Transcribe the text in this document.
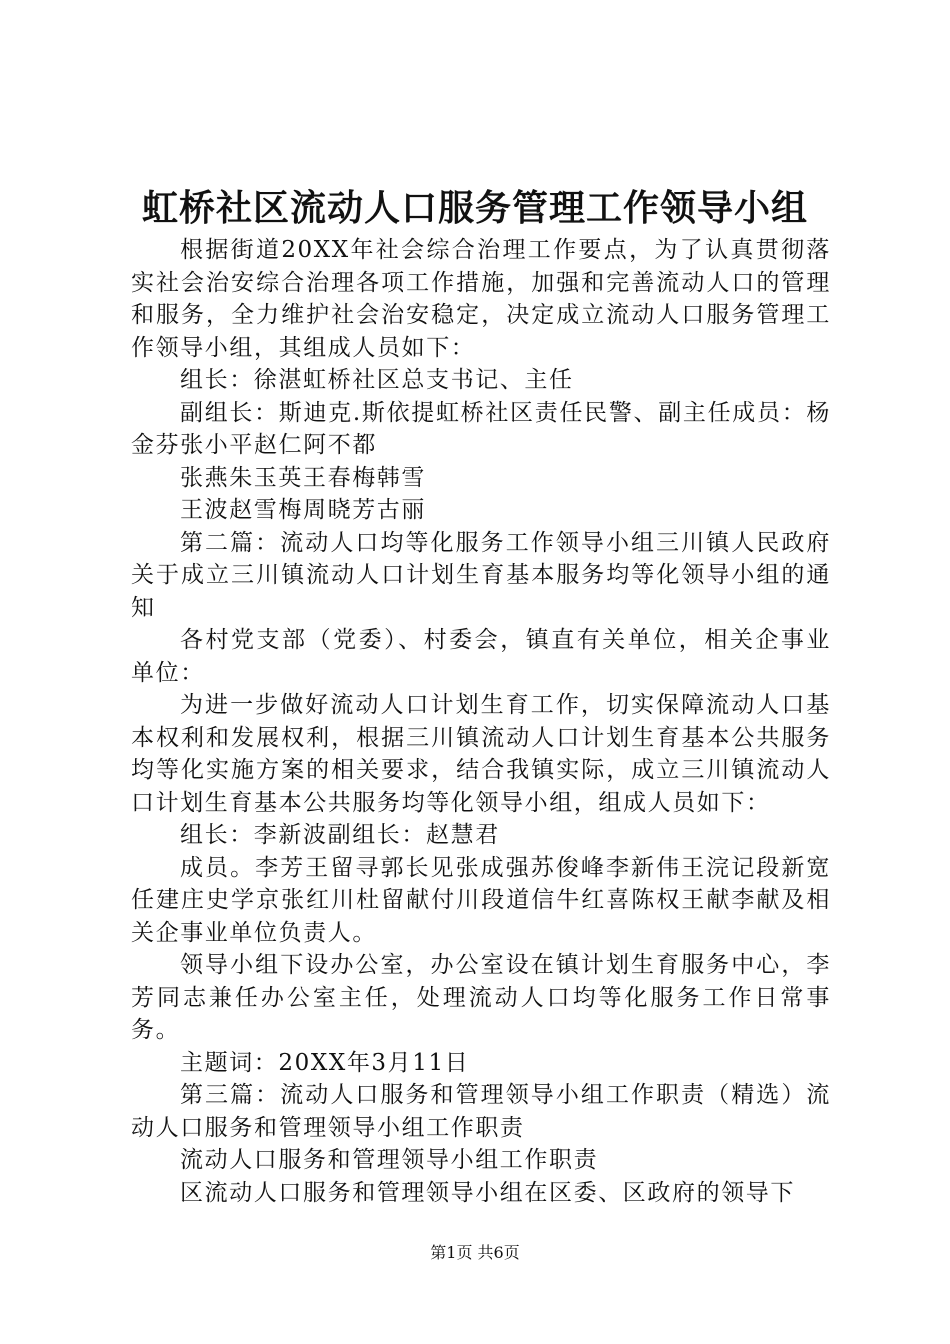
虹桥社区流动人口服务管理工作领导小组

根据街道20XX年社会综合治理工作要点，为了认真贯彻落实社会治安综合治理各项工作措施，加强和完善流动人口的管理和服务，全力维护社会治安稳定，决定成立流动人口服务管理工作领导小组，其组成人员如下：

组长：徐湛虹桥社区总支书记、主任

副组长：斯迪克.斯依提虹桥社区责任民警、副主任成员：杨金芬张小平赵仁阿不都

张燕朱玉英王春梅韩雪

王波赵雪梅周晓芳古丽

第二篇：流动人口均等化服务工作领导小组三川镇人民政府关于成立三川镇流动人口计划生育基本服务均等化领导小组的通知

各村党支部（党委）、村委会，镇直有关单位，相关企事业单位：

为进一步做好流动人口计划生育工作，切实保障流动人口基本权利和发展权利，根据三川镇流动人口计划生育基本公共服务均等化实施方案的相关要求，结合我镇实际，成立三川镇流动人口计划生育基本公共服务均等化领导小组，组成人员如下：

组长：李新波副组长：赵慧君

成员。李芳王留寻郭长见张成强苏俊峰李新伟王浣记段新宽任建庄史学京张红川杜留献付川段道信牛红喜陈权王献李献及相关企事业单位负责人。

领导小组下设办公室，办公室设在镇计划生育服务中心，李芳同志兼任办公室主任，处理流动人口均等化服务工作日常事务。

主题词：20XX年3月11日

第三篇：流动人口服务和管理领导小组工作职责（精选）流动人口服务和管理领导小组工作职责

流动人口服务和管理领导小组工作职责

区流动人口服务和管理领导小组在区委、区政府的领导下

第1页 共6页
